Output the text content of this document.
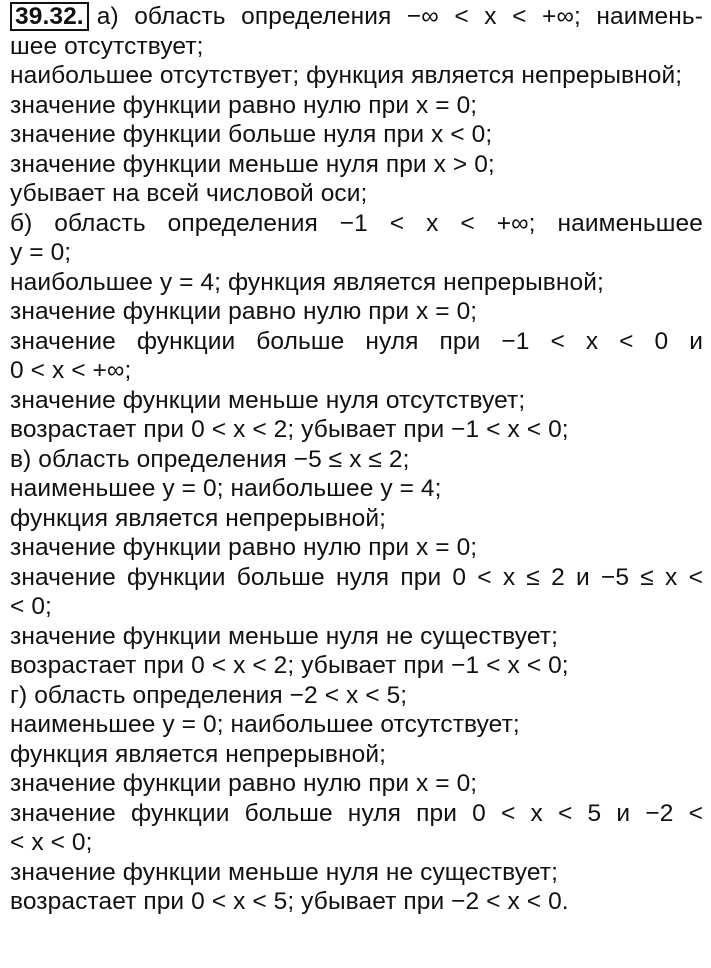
39.32. а) область определения −∞ < x < +∞; наимень-

шее отсутствует;

наибольшее отсутствует; функция является непрерывной;

значение функции равно нулю при x = 0;

значение функции больше нуля при x < 0;

значение функции меньше нуля при x > 0;

убывает на всей числовой оси;

б) область определения −1 < x < +∞; наименьшее

y = 0;

наибольшее y = 4; функция является непрерывной;

значение функции равно нулю при x = 0;

значение функции больше нуля при −1 < x < 0 и

0 < x < +∞;

значение функции меньше нуля отсутствует;

возрастает при 0 < x < 2; убывает при −1 < x < 0;

в) область определения −5 ≤ x ≤ 2;

наименьшее y = 0; наибольшее y = 4;

функция является непрерывной;

значение функции равно нулю при x = 0;

значение функции больше нуля при 0 < x ≤ 2 и −5 ≤ x <

< 0;

значение функции меньше нуля не существует;

возрастает при 0 < x < 2; убывает при −1 < x < 0;

г) область определения −2 < x < 5;

наименьшее y = 0; наибольшее отсутствует;

функция является непрерывной;

значение функции равно нулю при x = 0;

значение функции больше нуля при 0 < x < 5 и −2 <

< x < 0;

значение функции меньше нуля не существует;

возрастает при 0 < x < 5; убывает при −2 < x < 0.
